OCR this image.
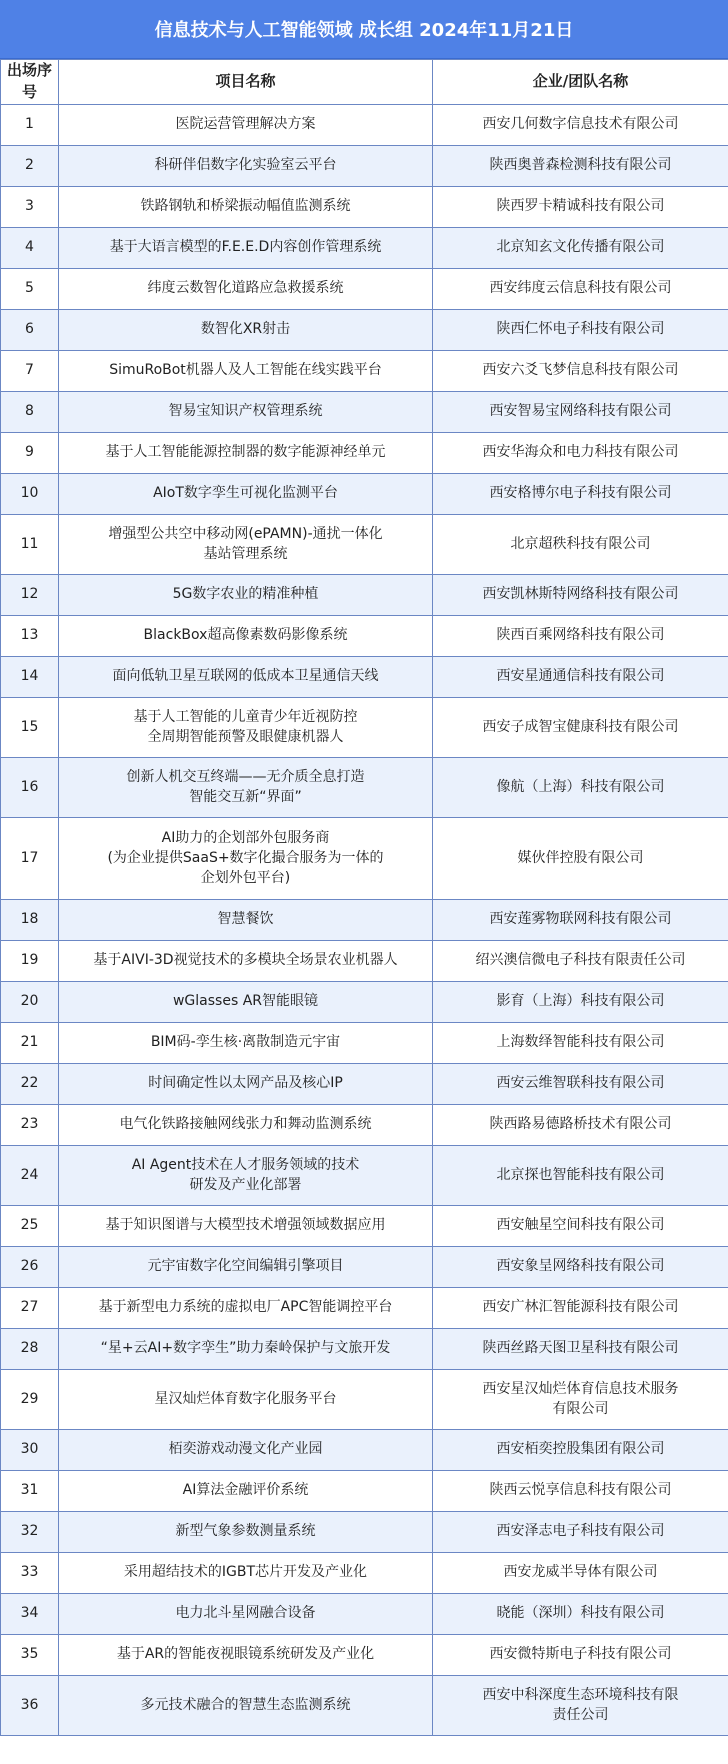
信息技术与人工智能领域 成长组 2024年11月21日
出场序号	项目名称	企业/团队名称
1	医院运营管理解决方案	西安几何数字信息技术有限公司
2	科研伴侣数字化实验室云平台	陕西奥普森检测科技有限公司
3	铁路钢轨和桥梁振动幅值监测系统	陕西罗卡精诚科技有限公司
4	基于大语言模型的F.E.E.D内容创作管理系统	北京知玄文化传播有限公司
5	纬度云数智化道路应急救援系统	西安纬度云信息科技有限公司
6	数智化XR射击	陕西仁怀电子科技有限公司
7	SimuRoBot机器人及人工智能在线实践平台	西安六爻飞梦信息科技有限公司
8	智易宝知识产权管理系统	西安智易宝网络科技有限公司
9	基于人工智能能源控制器的数字能源神经单元	西安华海众和电力科技有限公司
10	AIoT数字孪生可视化监测平台	西安格博尔电子科技有限公司
11	增强型公共空中移动网(ePAMN)-通扰一体化
基站管理系统	北京超秩科技有限公司
12	5G数字农业的精准种植	西安凯林斯特网络科技有限公司
13	BlackBox超高像素数码影像系统	陕西百乘网络科技有限公司
14	面向低轨卫星互联网的低成本卫星通信天线	西安星通通信科技有限公司
15	基于人工智能的儿童青少年近视防控
全周期智能预警及眼健康机器人	西安子成智宝健康科技有限公司
16	创新人机交互终端——无介质全息打造
智能交互新“界面”	像航（上海）科技有限公司
17	AI助力的企划部外包服务商
(为企业提供SaaS+数字化撮合服务为一体的
企划外包平台)	媒伙伴控股有限公司
18	智慧餐饮	西安莲雾物联网科技有限公司
19	基于AIVI-3D视觉技术的多模块全场景农业机器人	绍兴澳信微电子科技有限责任公司
20	wGlasses AR智能眼镜	影育（上海）科技有限公司
21	BIM码-孪生核·离散制造元宇宙	上海数绎智能科技有限公司
22	时间确定性以太网产品及核心IP	西安云维智联科技有限公司
23	电气化铁路接触网线张力和舞动监测系统	陕西路易德路桥技术有限公司
24	AI Agent技术在人才服务领域的技术
研发及产业化部署	北京探也智能科技有限公司
25	基于知识图谱与大模型技术增强领域数据应用	西安触星空间科技有限公司
26	元宇宙数字化空间编辑引擎项目	西安象呈网络科技有限公司
27	基于新型电力系统的虚拟电厂APC智能调控平台	西安广林汇智能源科技有限公司
28	“星+云AI+数字孪生”助力秦岭保护与文旅开发	陕西丝路天图卫星科技有限公司
29	星汉灿烂体育数字化服务平台	西安星汉灿烂体育信息技术服务
有限公司
30	栢奕游戏动漫文化产业园	西安栢奕控股集团有限公司
31	AI算法金融评价系统	陕西云悦享信息科技有限公司
32	新型气象参数测量系统	西安泽志电子科技有限公司
33	采用超结技术的IGBT芯片开发及产业化	西安龙威半导体有限公司
34	电力北斗星网融合设备	晓能（深圳）科技有限公司
35	基于AR的智能夜视眼镜系统研发及产业化	西安微特斯电子科技有限公司
36	多元技术融合的智慧生态监测系统	西安中科深度生态环境科技有限
责任公司
